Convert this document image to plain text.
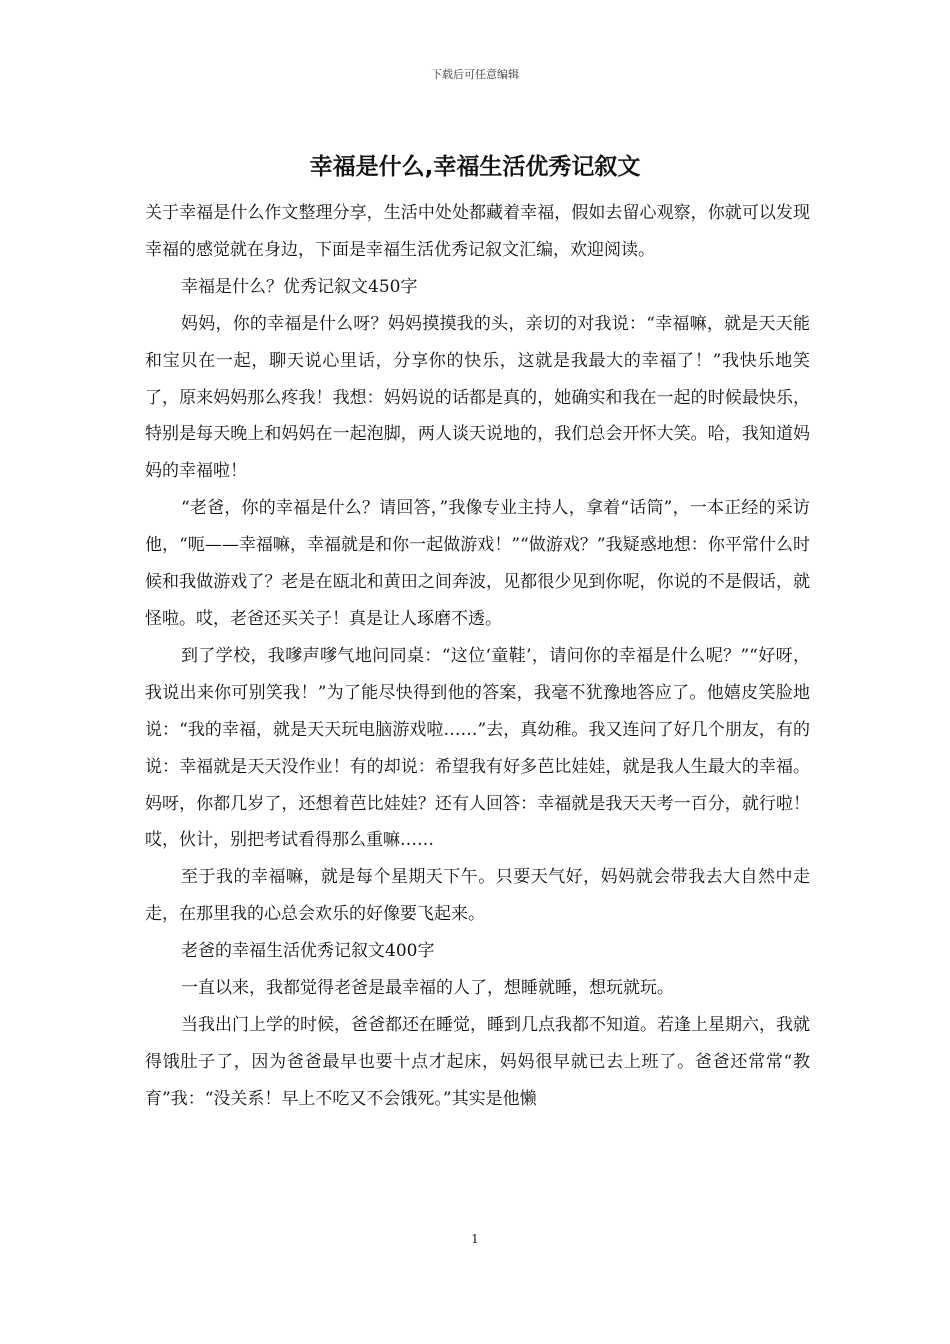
下载后可任意编辑
幸福是什么,幸福生活优秀记叙文

关于幸福是什么作文整理分享，生活中处处都藏着幸福，假如去留心观察，你就可以发现幸福的感觉就在身边，下面是幸福生活优秀记叙文汇编，欢迎阅读。

幸福是什么？优秀记叙文450字

妈妈，你的幸福是什么呀？妈妈摸摸我的头，亲切的对我说：“幸福嘛，就是天天能和宝贝在一起，聊天说心里话，分享你的快乐，这就是我最大的幸福了！”我快乐地笑了，原来妈妈那么疼我！我想：妈妈说的话都是真的，她确实和我在一起的时候最快乐，特别是每天晚上和妈妈在一起泡脚，两人谈天说地的，我们总会开怀大笑。哈，我知道妈妈的幸福啦！

“老爸，你的幸福是什么？请回答，”我像专业主持人，拿着“话筒”，一本正经的采访他，“呃——幸福嘛，幸福就是和你一起做游戏！”“做游戏？”我疑惑地想：你平常什么时候和我做游戏了？老是在瓯北和黄田之间奔波，见都很少见到你呢，你说的不是假话，就怪啦。哎，老爸还买关子！真是让人琢磨不透。

到了学校，我嗲声嗲气地问同桌：“这位‘童鞋’，请问你的幸福是什么呢？”“好呀，我说出来你可别笑我！”为了能尽快得到他的答案，我毫不犹豫地答应了。他嬉皮笑脸地说：“我的幸福，就是天天玩电脑游戏啦……”去，真幼稚。我又连问了好几个朋友，有的说：幸福就是天天没作业！有的却说：希望我有好多芭比娃娃，就是我人生最大的幸福。妈呀，你都几岁了，还想着芭比娃娃？还有人回答：幸福就是我天天考一百分，就行啦！哎，伙计，别把考试看得那么重嘛……

至于我的幸福嘛，就是每个星期天下午。只要天气好，妈妈就会带我去大自然中走走，在那里我的心总会欢乐的好像要飞起来。

老爸的幸福生活优秀记叙文400字

一直以来，我都觉得老爸是最幸福的人了，想睡就睡，想玩就玩。

当我出门上学的时候，爸爸都还在睡觉，睡到几点我都不知道。若逢上星期六，我就得饿肚子了，因为爸爸最早也要十点才起床，妈妈很早就已去上班了。爸爸还常常“教育”我：“没关系！早上不吃又不会饿死。”其实是他懒

1
